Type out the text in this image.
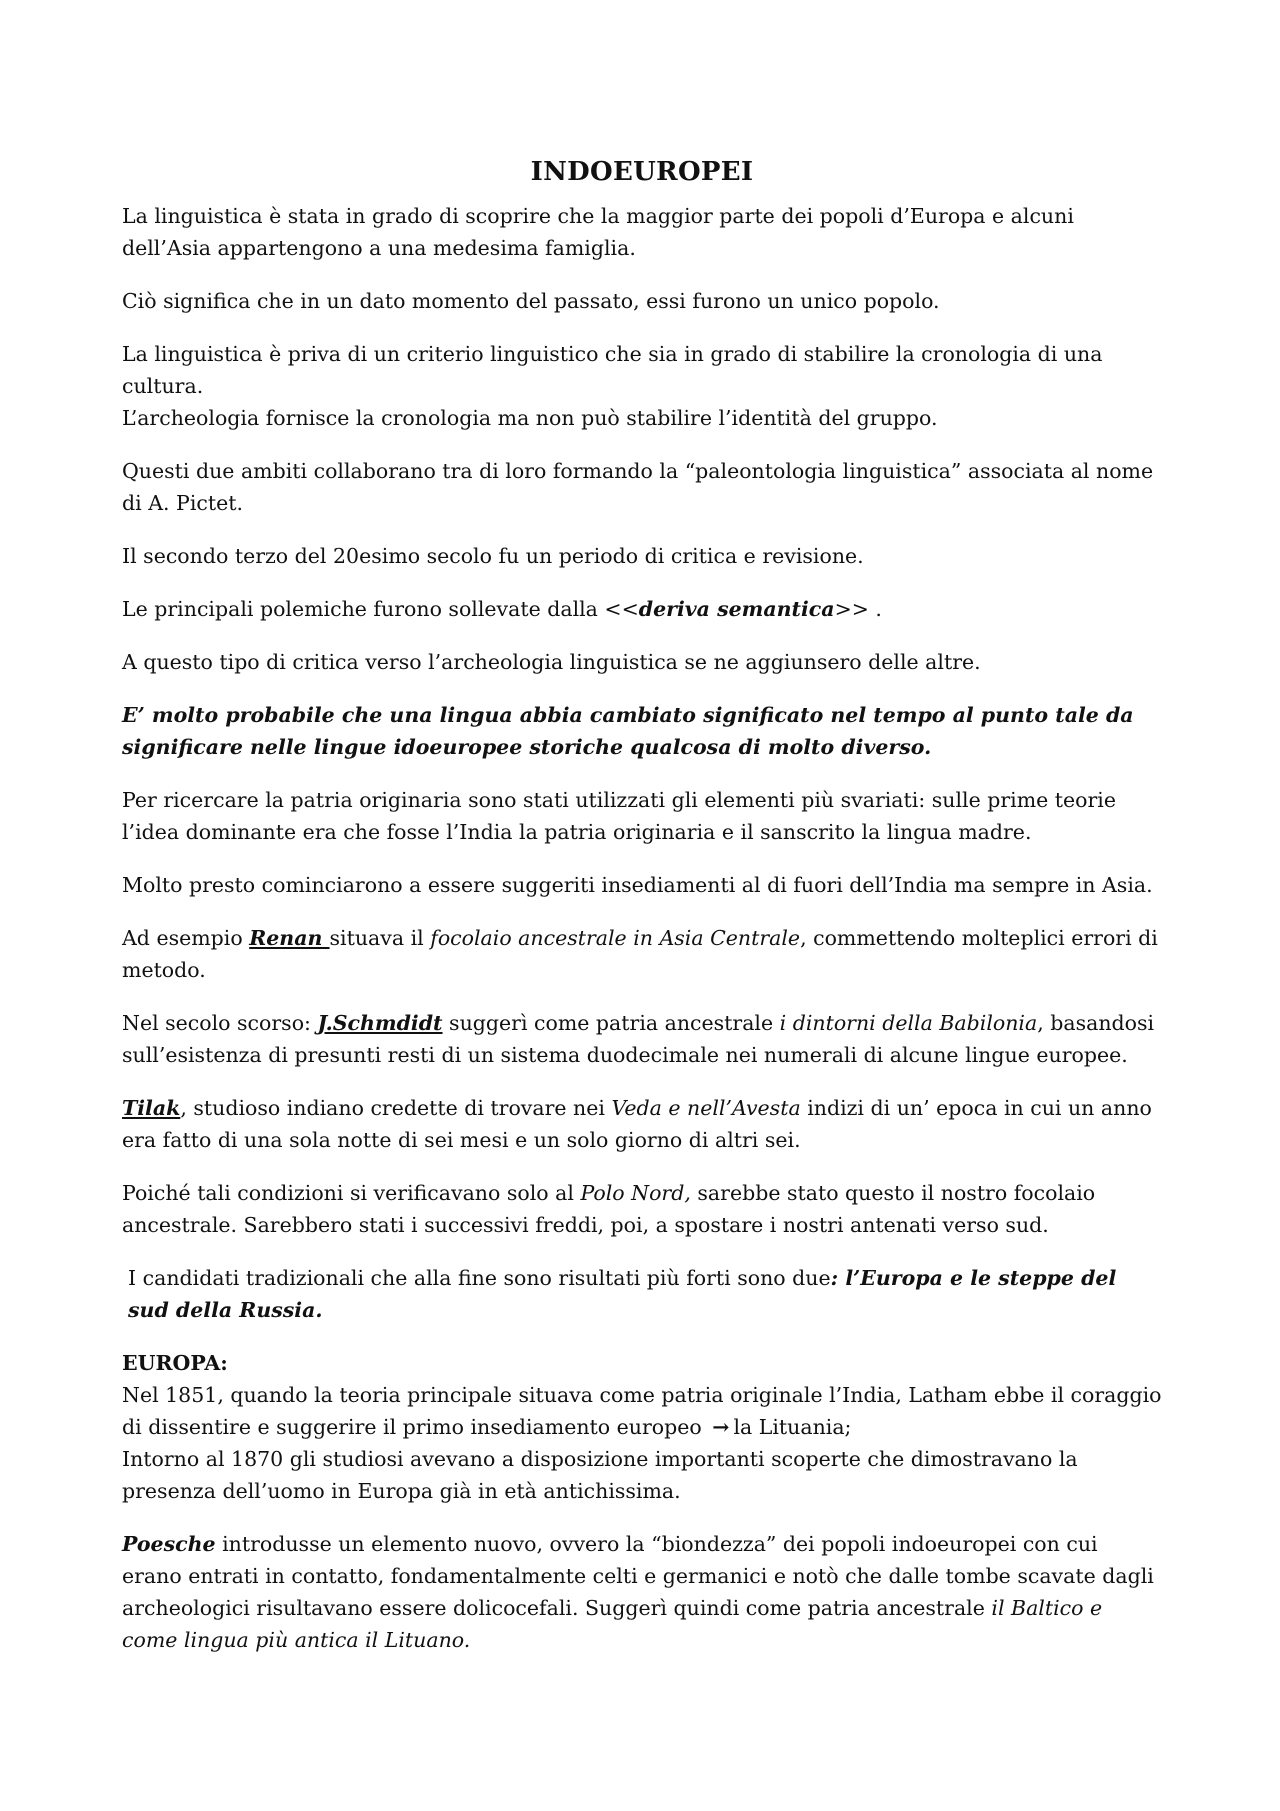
INDOEUROPEI

La linguistica è stata in grado di scoprire che la maggior parte dei popoli d’Europa e alcuni dell’Asia appartengono a una medesima famiglia.

Ciò significa che in un dato momento del passato, essi furono un unico popolo.

La linguistica è priva di un criterio linguistico che sia in grado di stabilire la cronologia di una cultura.
L’archeologia fornisce la cronologia ma non può stabilire l’identità del gruppo.

Questi due ambiti collaborano tra di loro formando la “paleontologia linguistica” associata al nome di A. Pictet.

Il secondo terzo del 20esimo secolo fu un periodo di critica e revisione.

Le principali polemiche furono sollevate dalla <<deriva semantica>> .

A questo tipo di critica verso l’archeologia linguistica se ne aggiunsero delle altre.

E’ molto probabile che una lingua abbia cambiato significato nel tempo al punto tale da significare nelle lingue idoeuropee storiche qualcosa di molto diverso.

Per ricercare la patria originaria sono stati utilizzati gli elementi più svariati: sulle prime teorie l’idea dominante era che fosse l’India la patria originaria e il sanscrito la lingua madre.

Molto presto cominciarono a essere suggeriti insediamenti al di fuori dell’India ma sempre in Asia.

Ad esempio Renan situava il focolaio ancestrale in Asia Centrale, commettendo molteplici errori di metodo.

Nel secolo scorso: J.Schmdidt suggerì come patria ancestrale i dintorni della Babilonia, basandosi sull’esistenza di presunti resti di un sistema duodecimale nei numerali di alcune lingue europee.

Tilak, studioso indiano credette di trovare nei Veda e nell’Avesta indizi di un’ epoca in cui un anno era fatto di una sola notte di sei mesi e un solo giorno di altri sei.

Poiché tali condizioni si verificavano solo al Polo Nord, sarebbe stato questo il nostro focolaio ancestrale. Sarebbero stati i successivi freddi, poi, a spostare i nostri antenati verso sud.

I candidati tradizionali che alla fine sono risultati più forti sono due: l’Europa e le steppe del sud della Russia.

EUROPA:

Nel 1851, quando la teoria principale situava come patria originale l’India, Latham ebbe il coraggio di dissentire e suggerire il primo insediamento europeo → la Lituania;

Intorno al 1870 gli studiosi avevano a disposizione importanti scoperte che dimostravano la presenza dell’uomo in Europa già in età antichissima.

Poesche introdusse un elemento nuovo, ovvero la “biondezza” dei popoli indoeuropei con cui erano entrati in contatto, fondamentalmente celti e germanici e notò che dalle tombe scavate dagli archeologici risultavano essere dolicocefali. Suggerì quindi come patria ancestrale il Baltico e come lingua più antica il Lituano.
